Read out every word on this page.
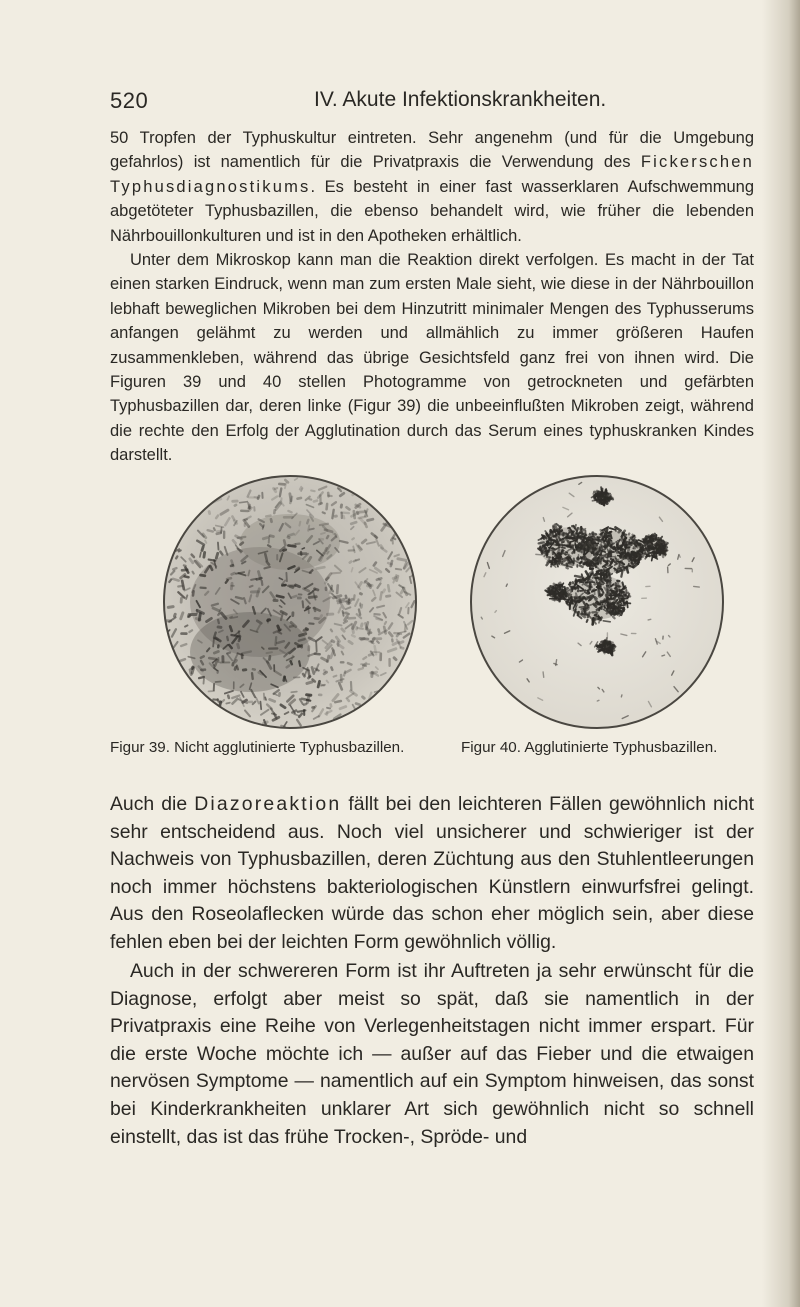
520	IV. Akute Infektionskrankheiten.

50 Tropfen der Typhuskultur eintreten. Sehr angenehm (und für die Umgebung gefahrlos) ist namentlich für die Privatpraxis die Verwendung des Fickerschen Typhusdiagnostikums. Es besteht in einer fast wasserklaren Aufschwemmung abgetöteter Typhusbazillen, die ebenso behandelt wird, wie früher die lebenden Nährbouillonkulturen und ist in den Apotheken erhältlich.

Unter dem Mikroskop kann man die Reaktion direkt verfolgen. Es macht in der Tat einen starken Eindruck, wenn man zum ersten Male sieht, wie diese in der Nährbouillon lebhaft beweglichen Mikroben bei dem Hinzutritt minimaler Mengen des Typhusserums anfangen gelähmt zu werden und allmählich zu immer größeren Haufen zusammenkleben, während das übrige Gesichtsfeld ganz frei von ihnen wird. Die Figuren 39 und 40 stellen Photogramme von getrockneten und gefärbten Typhusbazillen dar, deren linke (Figur 39) die unbeeinflußten Mikroben zeigt, während die rechte den Erfolg der Agglutination durch das Serum eines typhuskranken Kindes darstellt.

Figur 39. Nicht agglutinierte Typhusbazillen.	Figur 40. Agglutinierte Typhusbazillen.

Auch die Diazoreaktion fällt bei den leichteren Fällen gewöhnlich nicht sehr entscheidend aus. Noch viel unsicherer und schwieriger ist der Nachweis von Typhusbazillen, deren Züchtung aus den Stuhlentleerungen noch immer höchstens bakteriologischen Künstlern einwurfsfrei gelingt. Aus den Roseolaflecken würde das schon eher möglich sein, aber diese fehlen eben bei der leichten Form gewöhnlich völlig.

Auch in der schwereren Form ist ihr Auftreten ja sehr erwünscht für die Diagnose, erfolgt aber meist so spät, daß sie namentlich in der Privatpraxis eine Reihe von Verlegenheitstagen nicht immer erspart. Für die erste Woche möchte ich — außer auf das Fieber und die etwaigen nervösen Symptome — namentlich auf ein Symptom hinweisen, das sonst bei Kinderkrankheiten unklarer Art sich gewöhnlich nicht so schnell einstellt, das ist das frühe Trocken-, Spröde- und
